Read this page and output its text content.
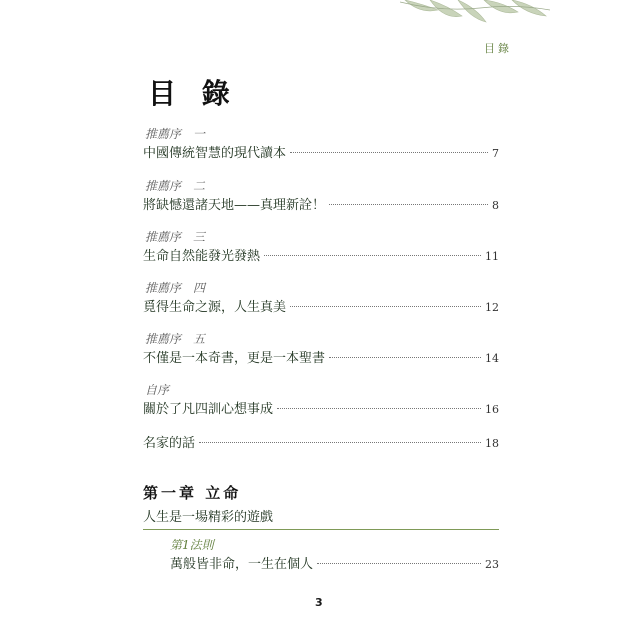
目錄
目 錄
推薦序　一
中國傳統智慧的現代讀本	7
推薦序　二
將缺憾還諸天地——真理新詮！	8
推薦序　三
生命自然能發光發熱	11
推薦序　四
覓得生命之源，人生真美	12
推薦序　五
不僅是一本奇書，更是一本聖書	14
自序
關於了凡四訓心想事成	16
名家的話	18
第一章 立命
人生是一場精彩的遊戲
第1法則
萬般皆非命，一生在個人	23
3
